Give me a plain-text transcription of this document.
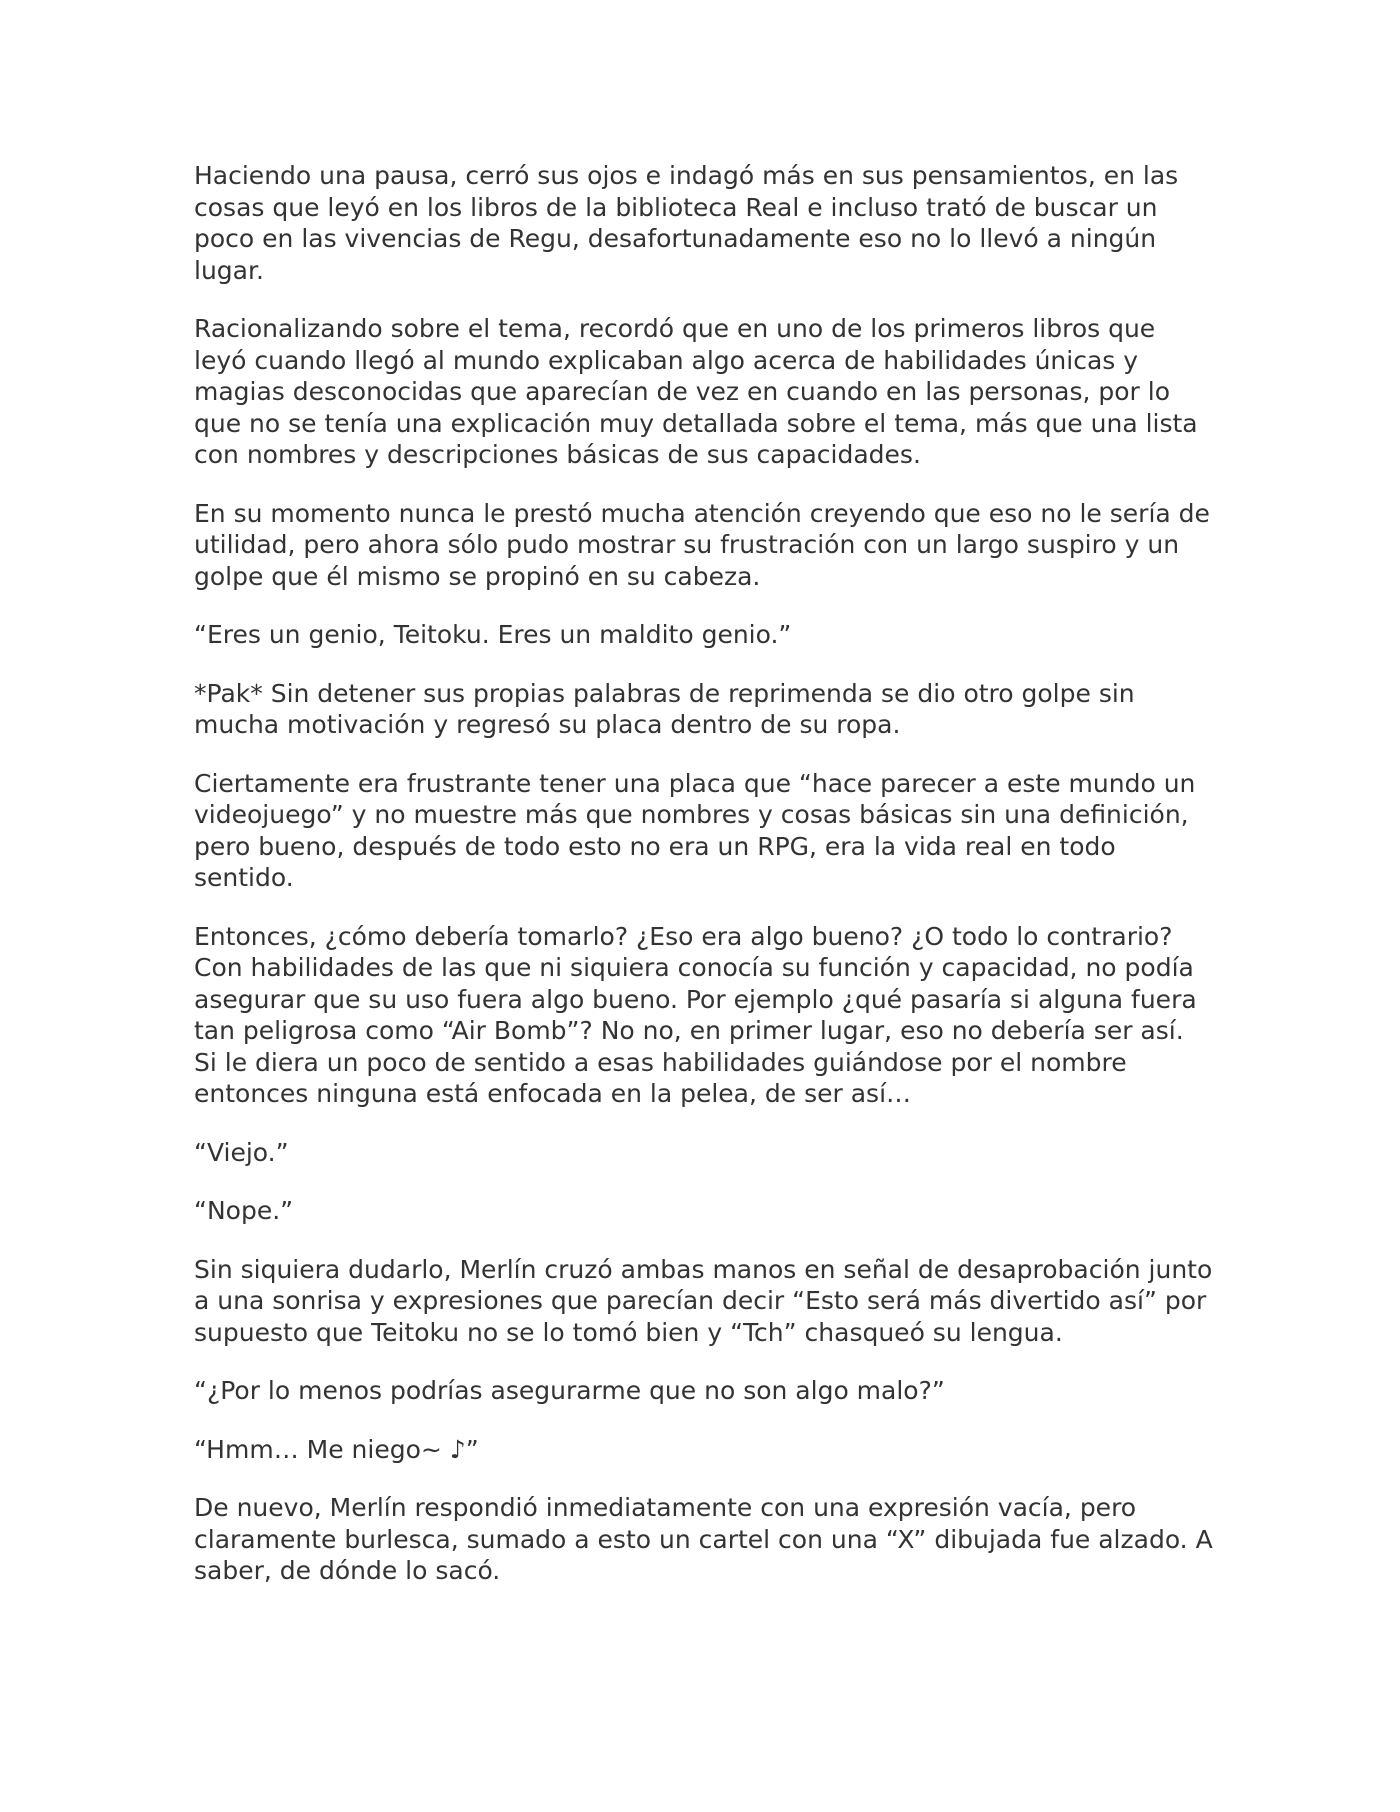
Haciendo una pausa, cerró sus ojos e indagó más en sus pensamientos, en las cosas que leyó en los libros de la biblioteca Real e incluso trató de buscar un poco en las vivencias de Regu, desafortunadamente eso no lo llevó a ningún lugar.

Racionalizando sobre el tema, recordó que en uno de los primeros libros que leyó cuando llegó al mundo explicaban algo acerca de habilidades únicas y magias desconocidas que aparecían de vez en cuando en las personas, por lo que no se tenía una explicación muy detallada sobre el tema, más que una lista con nombres y descripciones básicas de sus capacidades.

En su momento nunca le prestó mucha atención creyendo que eso no le sería de utilidad, pero ahora sólo pudo mostrar su frustración con un largo suspiro y un golpe que él mismo se propinó en su cabeza.

“Eres un genio, Teitoku. Eres un maldito genio.”

*Pak* Sin detener sus propias palabras de reprimenda se dio otro golpe sin mucha motivación y regresó su placa dentro de su ropa.

Ciertamente era frustrante tener una placa que “hace parecer a este mundo un videojuego” y no muestre más que nombres y cosas básicas sin una definición, pero bueno, después de todo esto no era un RPG, era la vida real en todo sentido.

Entonces, ¿cómo debería tomarlo? ¿Eso era algo bueno? ¿O todo lo contrario? Con habilidades de las que ni siquiera conocía su función y capacidad, no podía asegurar que su uso fuera algo bueno. Por ejemplo ¿qué pasaría si alguna fuera tan peligrosa como “Air Bomb”? No no, en primer lugar, eso no debería ser así. Si le diera un poco de sentido a esas habilidades guiándose por el nombre entonces ninguna está enfocada en la pelea, de ser así…

“Viejo.”

“Nope.”

Sin siquiera dudarlo, Merlín cruzó ambas manos en señal de desaprobación junto a una sonrisa y expresiones que parecían decir “Esto será más divertido así” por supuesto que Teitoku no se lo tomó bien y “Tch” chasqueó su lengua.

“¿Por lo menos podrías asegurarme que no son algo malo?”

“Hmm… Me niego~ ♪”

De nuevo, Merlín respondió inmediatamente con una expresión vacía, pero claramente burlesca, sumado a esto un cartel con una “X” dibujada fue alzado. A saber, de dónde lo sacó.
